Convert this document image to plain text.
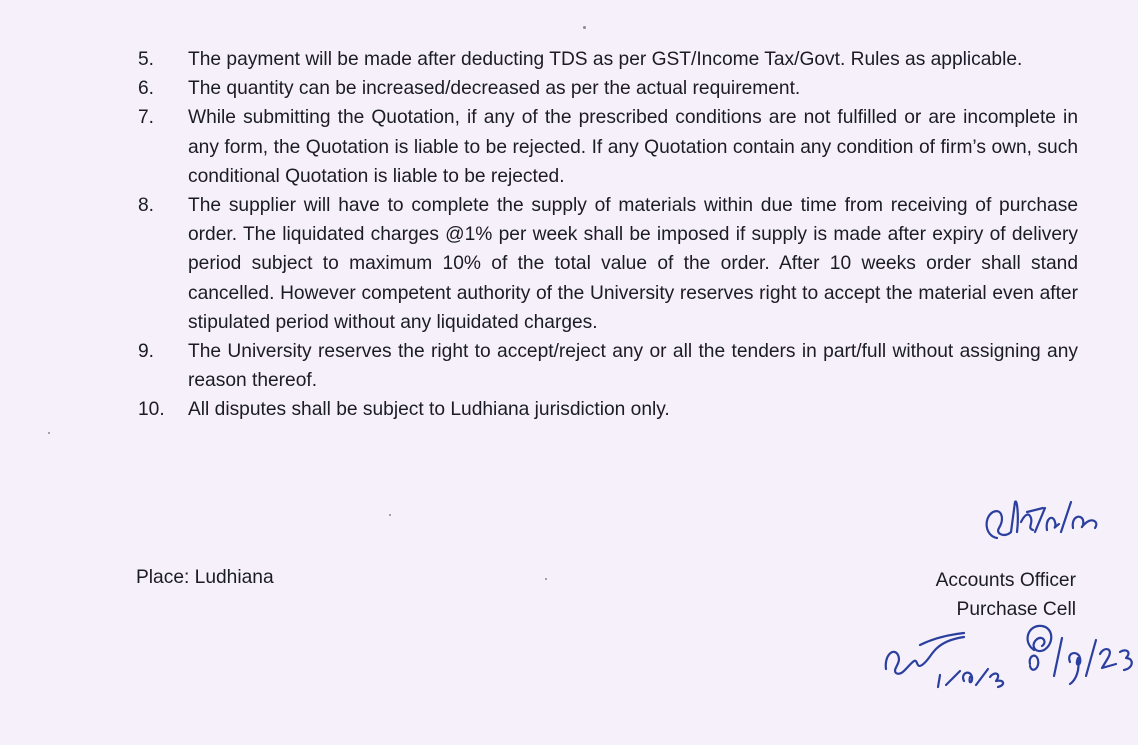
5.	The payment will be made after deducting TDS as per GST/Income Tax/Govt. Rules as applicable.
6.	The quantity can be increased/decreased as per the actual requirement.
7.	While submitting the Quotation, if any of the prescribed conditions are not fulfilled or are incomplete in any form, the Quotation is liable to be rejected. If any Quotation contain any condition of firm’s own, such conditional Quotation is liable to be rejected.
8.	The supplier will have to complete the supply of materials within due time from receiving of purchase order. The liquidated charges @1% per week shall be imposed if supply is made after expiry of delivery period subject to maximum 10% of the total value of the order. After 10 weeks order shall stand cancelled. However competent authority of the University reserves right to accept the material even after stipulated period without any liquidated charges.
9.	The University reserves the right to accept/reject any or all the tenders in part/full without assigning any reason thereof.
10.	All disputes shall be subject to Ludhiana jurisdiction only.
Place: Ludhiana	Accounts Officer
Purchase Cell
